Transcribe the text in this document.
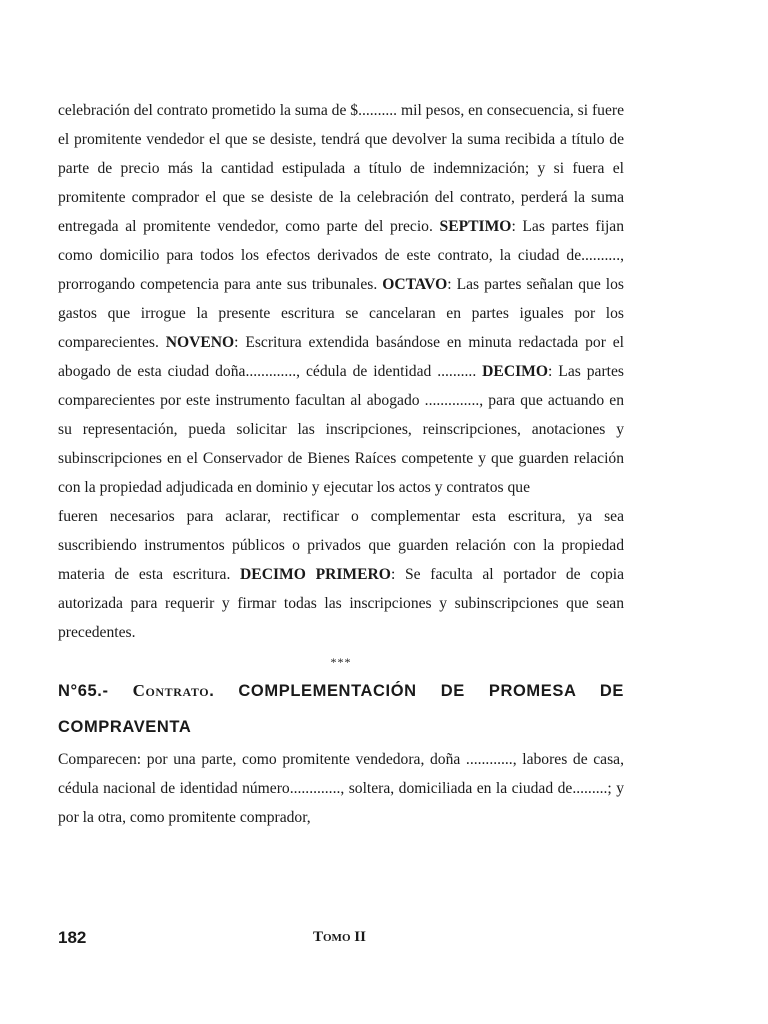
celebración del contrato prometido la suma de $.......... mil pesos, en consecuencia, si fuere el promitente vendedor el que se desiste, tendrá que devolver la suma recibida a título de parte de precio más la cantidad estipulada a título de indemnización; y si fuera el promitente comprador el que se desiste de la celebración del contrato, perderá la suma entregada al promitente vendedor, como parte del precio. SEPTIMO: Las partes fijan como domicilio para todos los efectos derivados de este contrato, la ciudad de.........., prorrogando competencia para ante sus tribunales. OCTAVO: Las partes señalan que los gastos que irrogue la presente escritura se cancelaran en partes iguales por los comparecientes. NOVENO: Escritura extendida basándose en minuta redactada por el abogado de esta ciudad doña............., cédula de identidad .......... DECIMO: Las partes comparecientes por este instrumento facultan al abogado .............., para que actuando en su representación, pueda solicitar las inscripciones, reinscripciones, anotaciones y subinscripciones en el Conservador de Bienes Raíces competente y que guarden relación con la propiedad adjudicada en dominio y ejecutar los actos y contratos que

fueren necesarios para aclarar, rectificar o complementar esta escritura, ya sea suscribiendo instrumentos públicos o privados que guarden relación con la propiedad materia de esta escritura. DECIMO PRIMERO: Se faculta al portador de copia autorizada para requerir y firmar todas las inscripciones y subinscripciones que sean precedentes.

***
N°65.- Contrato. COMPLEMENTACIÓN DE PROMESA DE COMPRAVENTA

Comparecen: por una parte, como promitente vendedora, doña ............, labores de casa, cédula nacional de identidad número............., soltera, domiciliada en la ciudad de.........; y por la otra, como promitente comprador,

182	Tomo II
